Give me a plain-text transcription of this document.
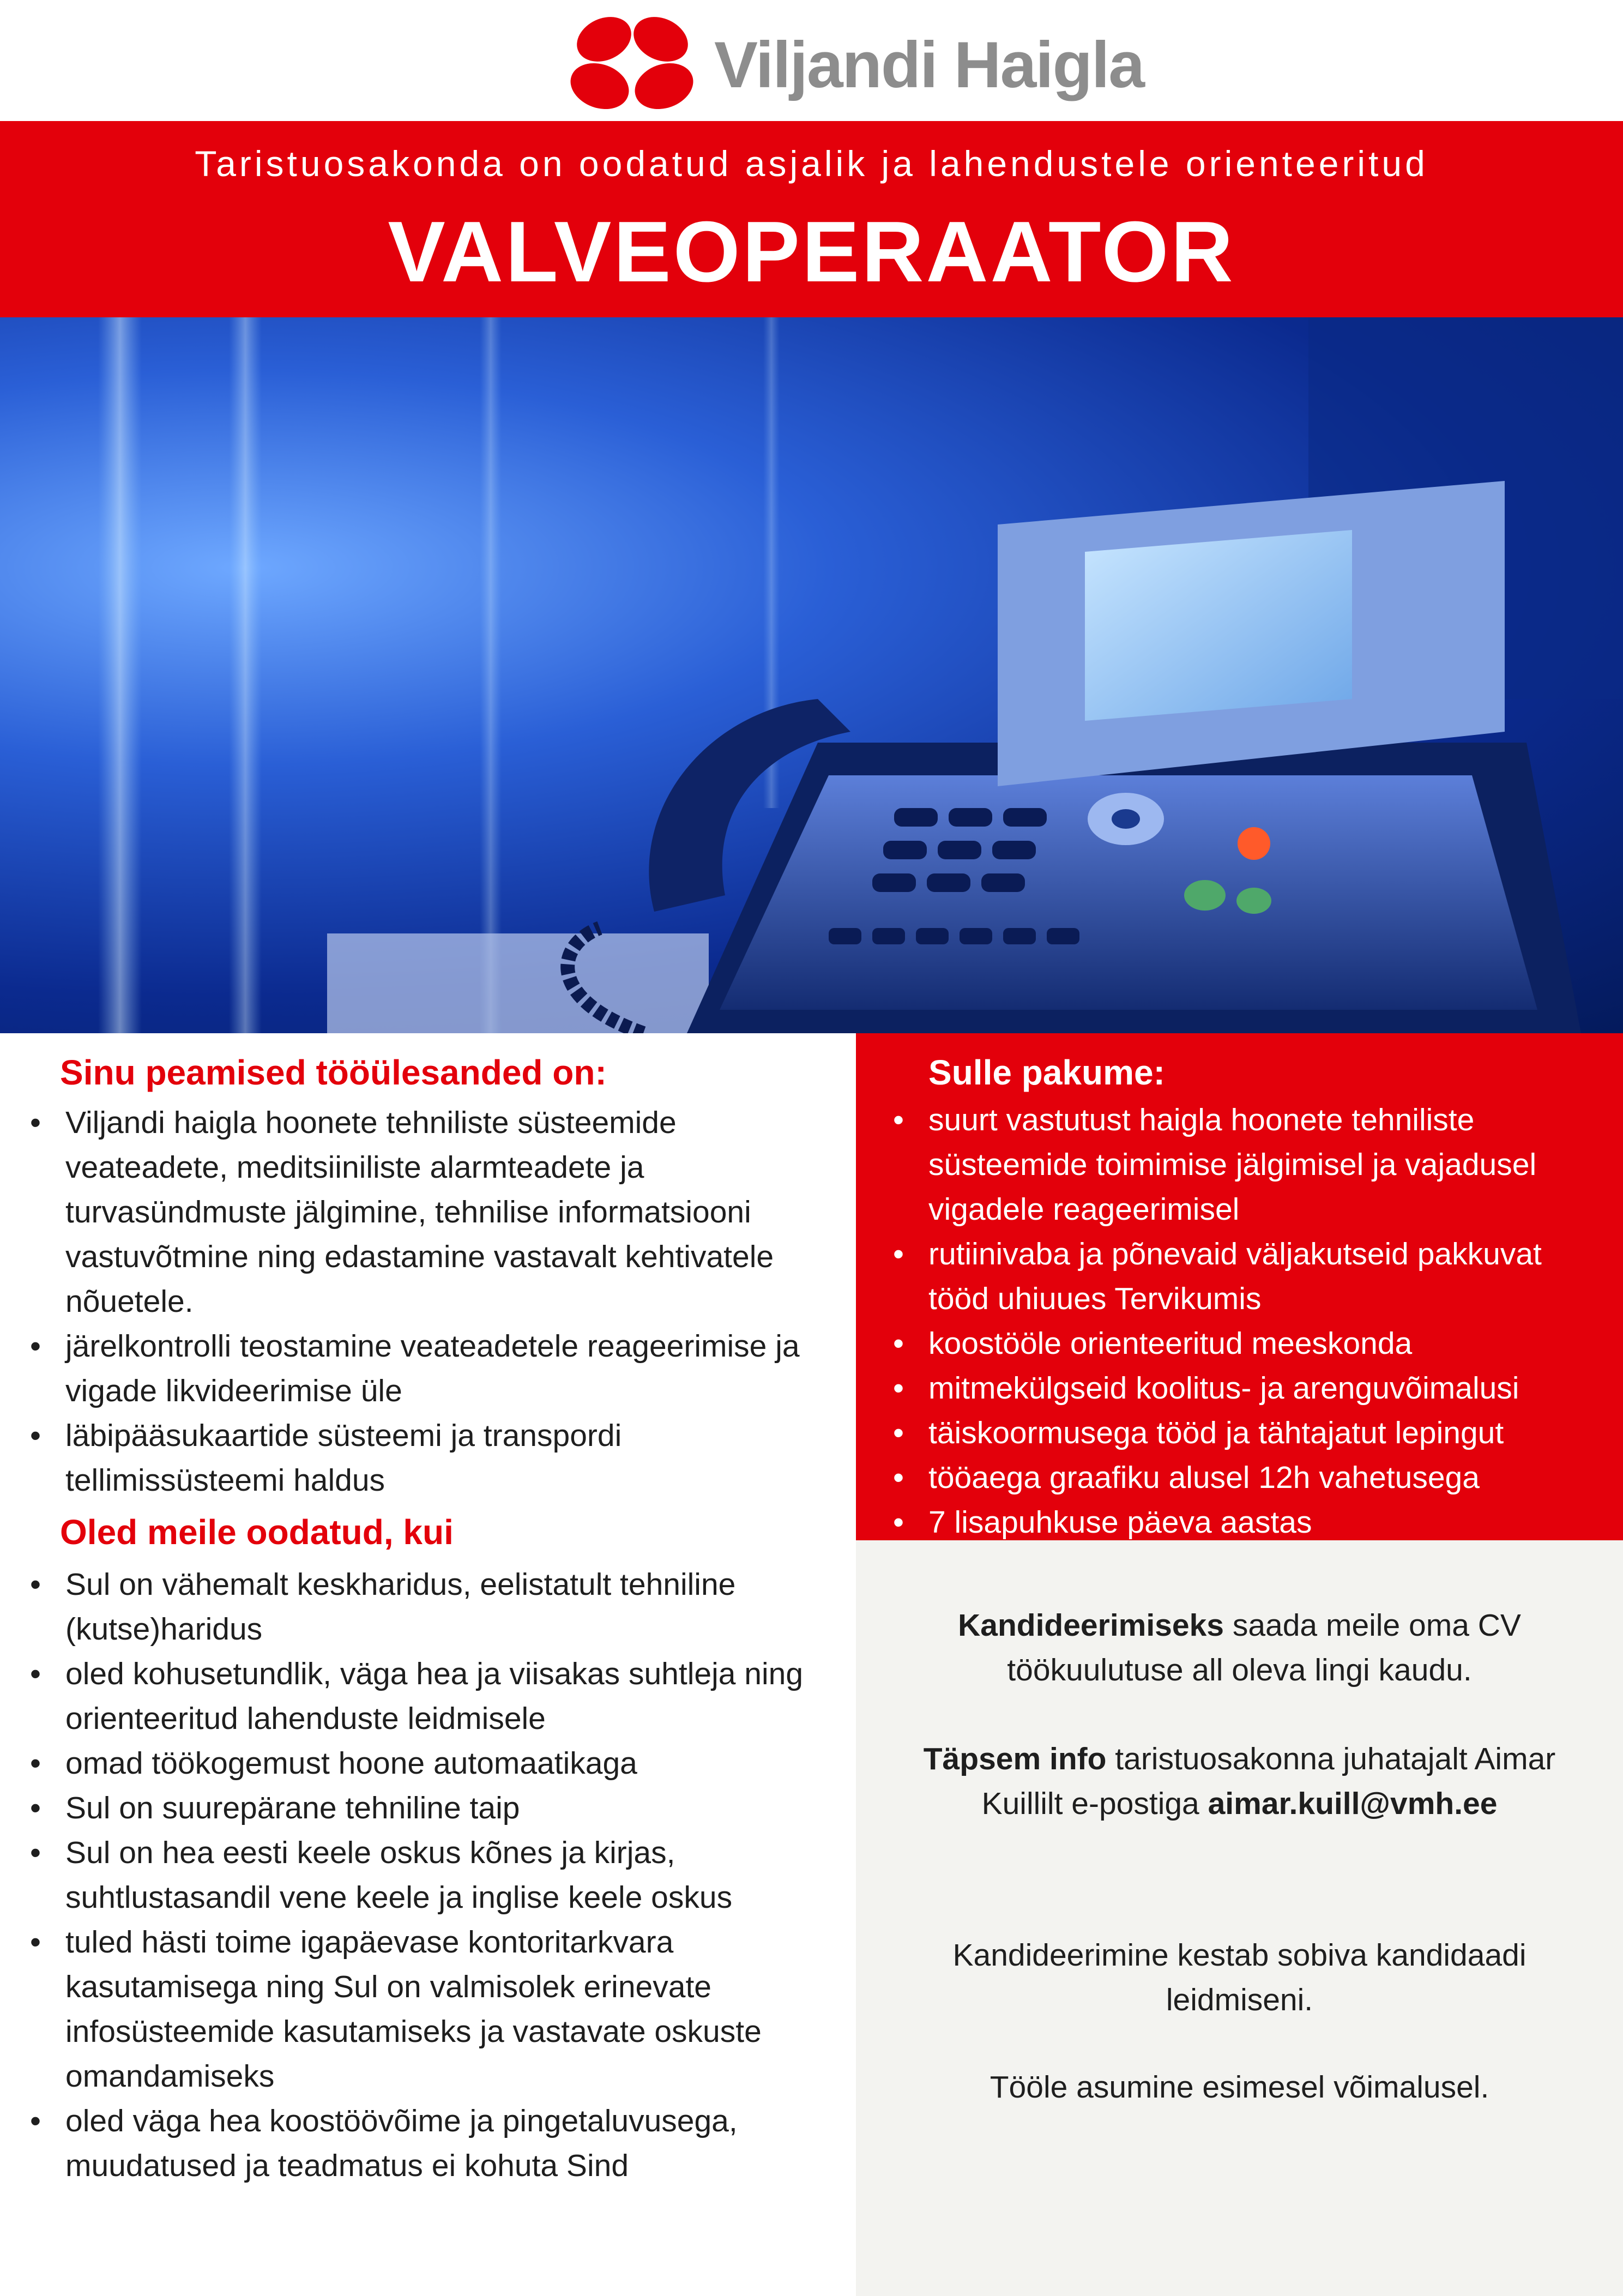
Viljandi Haigla
Taristuosakonda on oodatud asjalik ja lahendustele orienteeritud
VALVEOPERAATOR
Sinu peamised tööülesanded on:
• Viljandi haigla hoonete tehniliste süsteemide veateadete, meditsiiniliste alarmteadete ja turvasündmuste jälgimine, tehnilise informatsiooni vastuvõtmine ning edastamine vastavalt kehtivatele nõuetele.
• järelkontrolli teostamine veateadetele reageerimise ja vigade likvideerimise üle
• läbipääsukaartide süsteemi ja transpordi tellimissüsteemi haldus
Oled meile oodatud, kui
• Sul on vähemalt keskharidus, eelistatult tehniline (kutse)haridus
• oled kohusetundlik, väga hea ja viisakas suhtleja ning orienteeritud lahenduste leidmisele
• omad töökogemust hoone automaatikaga
• Sul on suurepärane tehniline taip
• Sul on hea eesti keele oskus kõnes ja kirjas, suhtlustasandil vene keele ja inglise keele oskus
• tuled hästi toime igapäevase kontoritarkvara kasutamisega ning Sul on valmisolek erinevate infosüsteemide kasutamiseks ja vastavate oskuste omandamiseks
• oled väga hea koostöövõime ja pingetaluvusega, muudatused ja teadmatus ei kohuta Sind
Sulle pakume:
• suurt vastutust haigla hoonete tehniliste süsteemide toimimise jälgimisel ja vajadusel vigadele reageerimisel
• rutiinivaba ja põnevaid väljakutseid pakkuvat tööd uhiuues Tervikumis
• koostööle orienteeritud meeskonda
• mitmekülgseid koolitus- ja arenguvõimalusi
• täiskoormusega tööd ja tähtajatut lepingut
• tööaega graafiku alusel 12h vahetusega
• 7 lisapuhkuse päeva aastas
Kandideerimiseks saada meile oma CV
töökuulutuse all oleva lingi kaudu.
Täpsem info taristuosakonna juhatajalt Aimar
Kuillilt e-postiga aimar.kuill@vmh.ee
Kandideerimine kestab sobiva kandidaadi
leidmiseni.
Tööle asumine esimesel võimalusel.
